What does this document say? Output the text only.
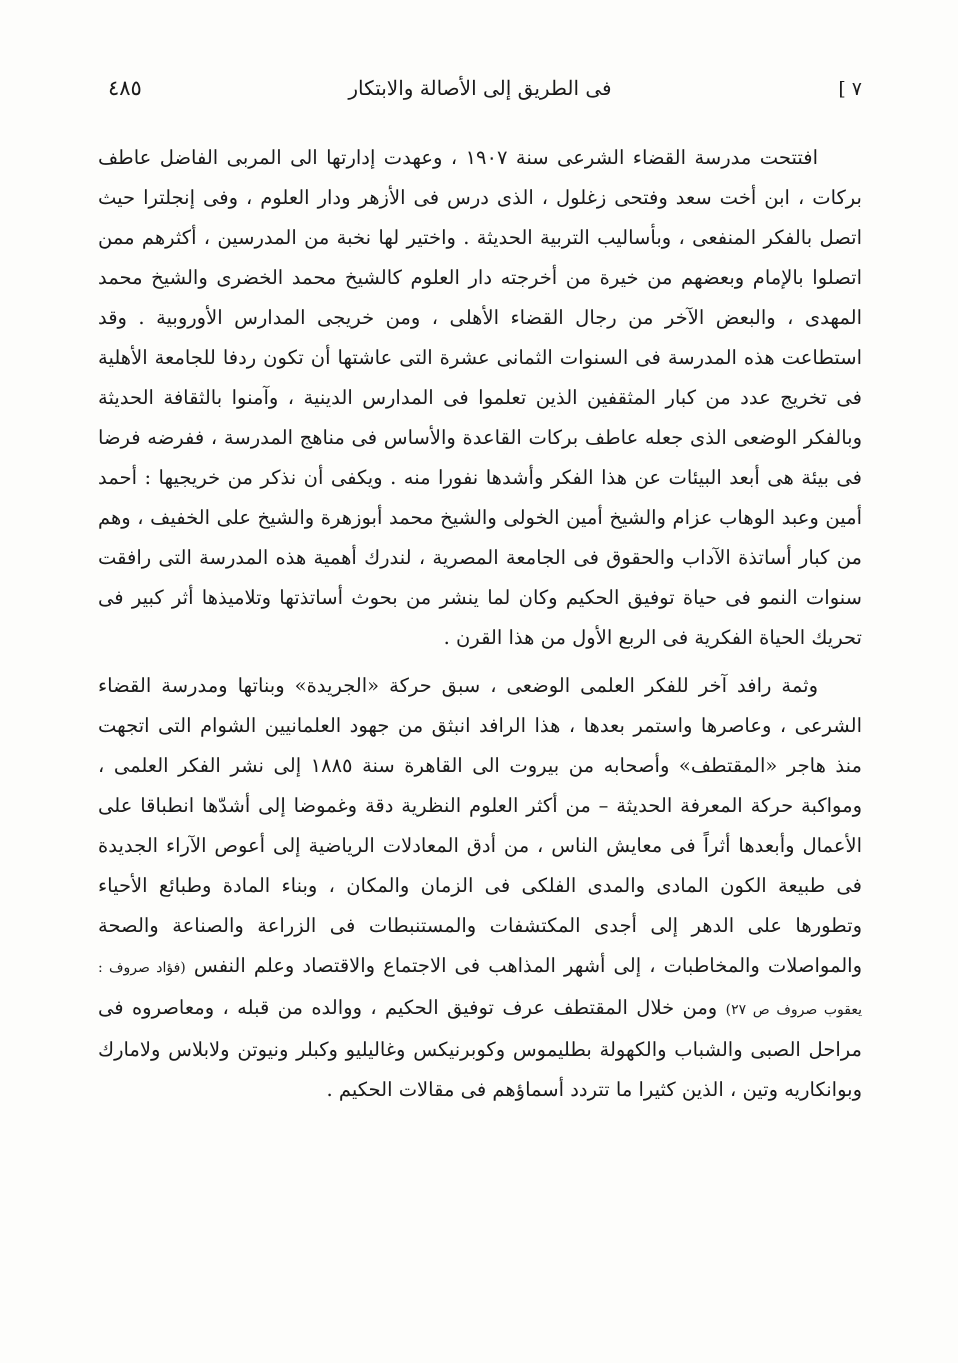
٧ ]
فى الطريق إلى الأصالة والابتكار
٤٨٥

افتتحت مدرسة القضاء الشرعى سنة ١٩٠٧ ، وعهدت إدارتها الى المربى الفاضل عاطف بركات ، ابن أخت سعد وفتحى زغلول ، الذى درس فى الأزهر ودار العلوم ، وفى إنجلترا حيث اتصل بالفكر المنفعى ، وبأساليب التربية الحديثة . واختير لها نخبة من المدرسين ، أكثرهم ممن اتصلوا بالإمام وبعضهم من خيرة من أخرجته دار العلوم كالشيخ محمد الخضرى والشيخ محمد المهدى ، والبعض الآخر من رجال القضاء الأهلى ، ومن خريجى المدارس الأوروبية . وقد استطاعت هذه المدرسة فى السنوات الثمانى عشرة التى عاشتها أن تكون ردفا للجامعة الأهلية فى تخريج عدد من كبار المثقفين الذين تعلموا فى المدارس الدينية ، وآمنوا بالثقافة الحديثة وبالفكر الوضعى الذى جعله عاطف بركات القاعدة والأساس فى مناهج المدرسة ، ففرضه فرضا فى بيئة هى أبعد البيئات عن هذا الفكر وأشدها نفورا منه . ويكفى أن نذكر من خريجيها : أحمد أمين وعبد الوهاب عزام والشيخ أمين الخولى والشيخ محمد أبوزهرة والشيخ على الخفيف ، وهم من كبار أساتذة الآداب والحقوق فى الجامعة المصرية ، لندرك أهمية هذه المدرسة التى رافقت سنوات النمو فى حياة توفيق الحكيم وكان لما ينشر من بحوث أساتذتها وتلاميذها أثر كبير فى تحريك الحياة الفكرية فى الربع الأول من هذا القرن .

وثمة رافد آخر للفكر العلمى الوضعى ، سبق حركة «الجريدة» وبناتها ومدرسة القضاء الشرعى ، وعاصرها واستمر بعدها ، هذا الرافد انبثق من جهود العلمانيين الشوام التى اتجهت منذ هاجر «المقتطف» وأصحابه من بيروت الى القاهرة سنة ١٨٨٥ إلى نشر الفكر العلمى ، ومواكبة حركة المعرفة الحديثة – من أكثر العلوم النظرية دقة وغموضا إلى أشدّها انطباقا على الأعمال وأبعدها أثراً فى معايش الناس ، من أدق المعادلات الرياضية إلى أعوص الآراء الجديدة فى طبيعة الكون المادى والمدى الفلكى فى الزمان والمكان ، وبناء المادة وطبائع الأحياء وتطورها على الدهر إلى أجدى المكتشفات والمستنبطات فى الزراعة والصناعة والصحة والمواصلات والمخاطبات ، إلى أشهر المذاهب فى الاجتماع والاقتصاد وعلم النفس (فؤاد صروف : يعقوب صروف ص ٢٧) ومن خلال المقتطف عرف توفيق الحكيم ، ووالده من قبله ، ومعاصروه فى مراحل الصبى والشباب والكهولة بطليموس وكوبرنيكس وغاليليو وكبلر ونيوتن ولابلاس ولامارك وبوانكاريه وتين ، الذين كثيرا ما تتردد أسماؤهم فى مقالات الحكيم .
